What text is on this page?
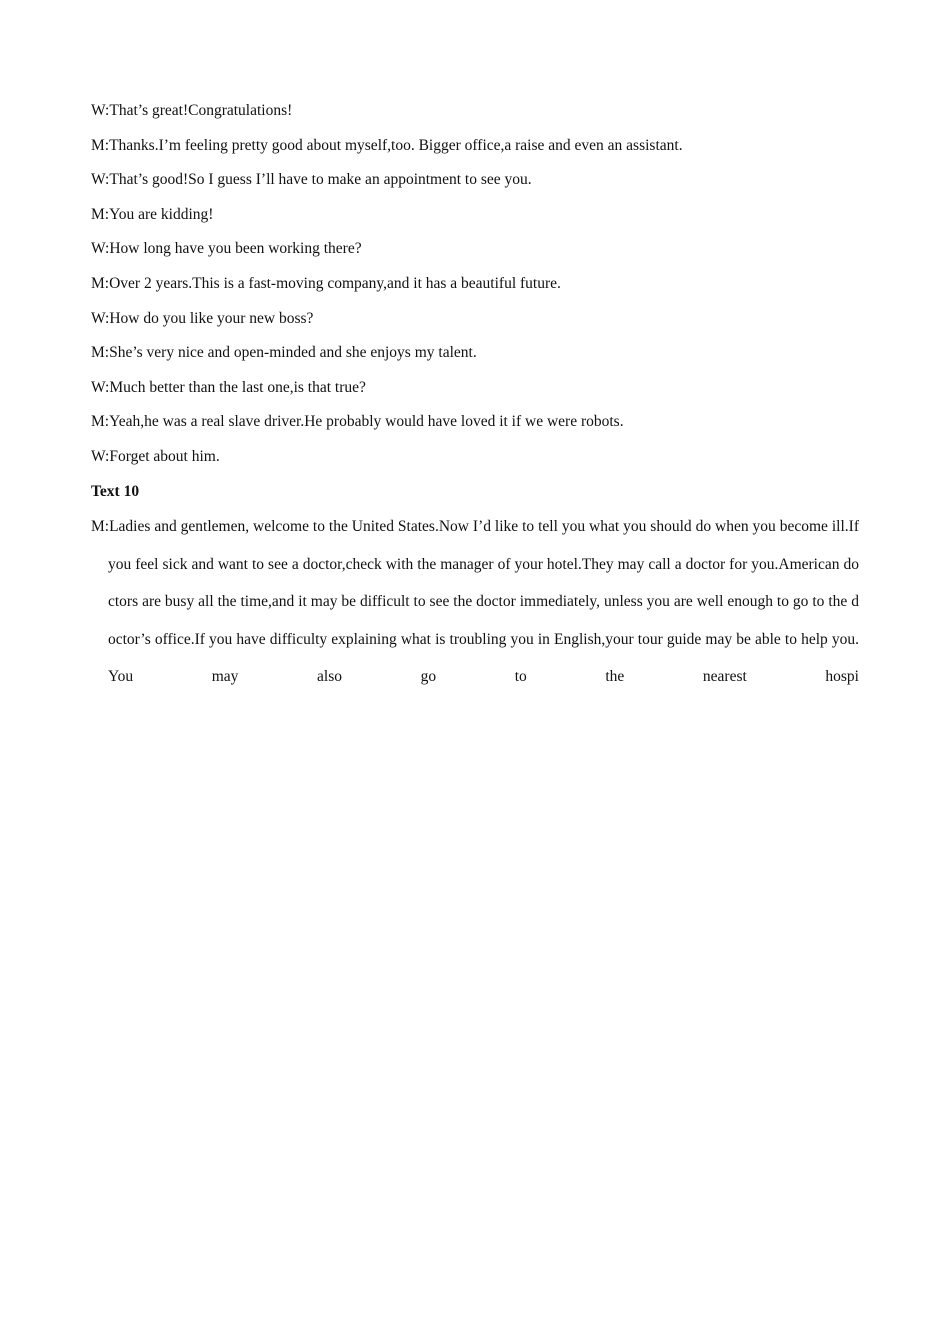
W:That’s great!Congratulations!
M:Thanks.I’m feeling pretty good about myself,too. Bigger office,a raise and even an assistant.
W:That’s good!So I guess I’ll have to make an appointment to see you.
M:You are kidding!
W:How long have you been working there?
M:Over 2 years.This is a fast-moving company,and it has a beautiful future.
W:How do you like your new boss?
M:She’s very nice and open-minded and she enjoys my talent.
W:Much better than the last one,is that true?
M:Yeah,he was a real slave driver.He probably would have loved it if we were robots.
W:Forget about him.
Text 10
M:Ladies and gentlemen, welcome to the United States.Now I’d like to tell you what you should do when you become ill.If you feel sick and want to see a doctor,check with the manager of your hotel.They may call a doctor for you.American doctors are busy all the time,and it may be difficult to see the doctor immediately, unless you are well enough to go to the doctor’s office.If you have difficulty explaining what is troubling you in English,your tour guide may be able to help you.You may also go to the nearest hospi
